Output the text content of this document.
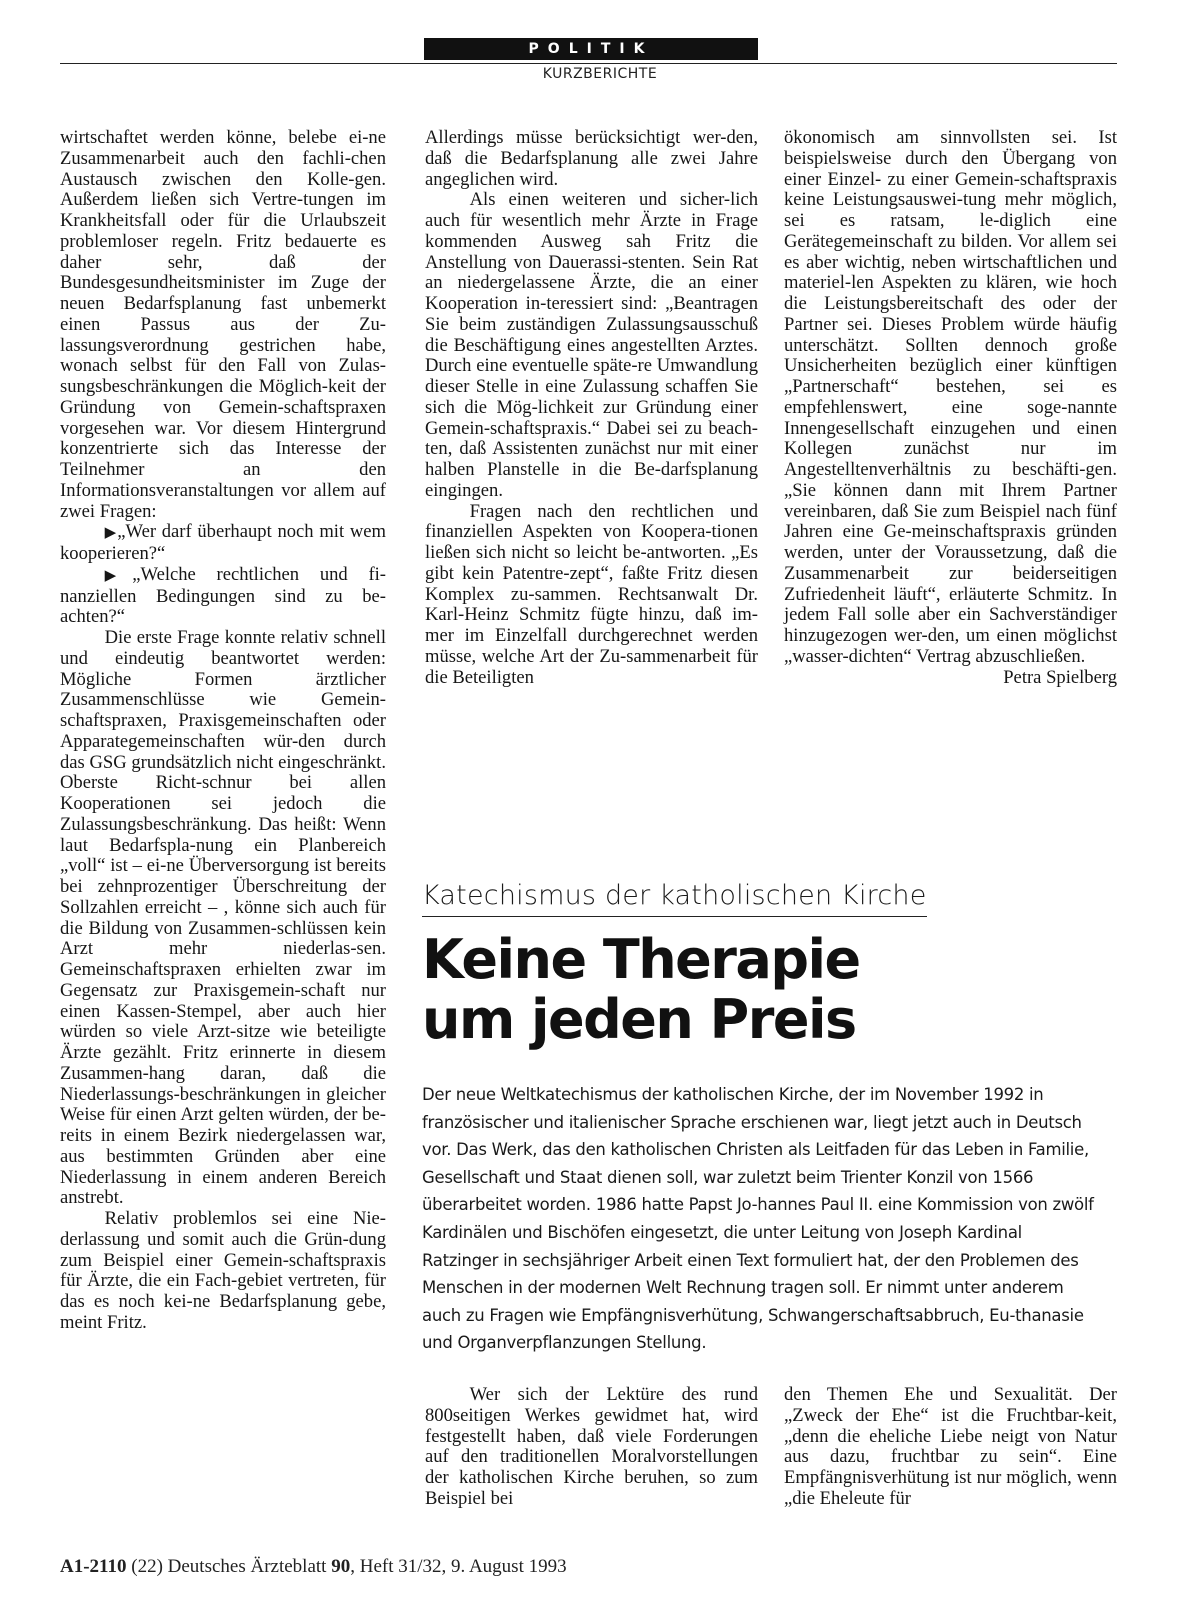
POLITIK
KURZBERICHTE

wirtschaftet werden könne, belebe ei-ne Zusammenarbeit auch den fachli-chen Austausch zwischen den Kolle-gen. Außerdem ließen sich Vertre-tungen im Krankheitsfall oder für die Urlaubszeit problemloser regeln. Fritz bedauerte es daher sehr, daß der Bundesgesundheitsminister im Zuge der neuen Bedarfsplanung fast unbemerkt einen Passus aus der Zu-lassungsverordnung gestrichen habe, wonach selbst für den Fall von Zulas-sungsbeschränkungen die Möglich-keit der Gründung von Gemein-schaftspraxen vorgesehen war. Vor diesem Hintergrund konzentrierte sich das Interesse der Teilnehmer an den Informationsveranstaltungen vor allem auf zwei Fragen:

▶„Wer darf überhaupt noch mit wem kooperieren?“

▶„Welche rechtlichen und fi-nanziellen Bedingungen sind zu be-achten?“

Die erste Frage konnte relativ schnell und eindeutig beantwortet werden: Mögliche Formen ärztlicher Zusammenschlüsse wie Gemein-schaftspraxen, Praxisgemeinschaften oder Apparategemeinschaften wür-den durch das GSG grundsätzlich nicht eingeschränkt. Oberste Richt-schnur bei allen Kooperationen sei jedoch die Zulassungsbeschränkung. Das heißt: Wenn laut Bedarfspla-nung ein Planbereich „voll“ ist – ei-ne Überversorgung ist bereits bei zehnprozentiger Überschreitung der Sollzahlen erreicht – , könne sich auch für die Bildung von Zusammen-schlüssen kein Arzt mehr niederlas-sen. Gemeinschaftspraxen erhielten zwar im Gegensatz zur Praxisgemein-schaft nur einen Kassen-Stempel, aber auch hier würden so viele Arzt-sitze wie beteiligte Ärzte gezählt. Fritz erinnerte in diesem Zusammen-hang daran, daß die Niederlassungs-beschränkungen in gleicher Weise für einen Arzt gelten würden, der be-reits in einem Bezirk niedergelassen war, aus bestimmten Gründen aber eine Niederlassung in einem anderen Bereich anstrebt.

Relativ problemlos sei eine Nie-derlassung und somit auch die Grün-dung zum Beispiel einer Gemein-schaftspraxis für Ärzte, die ein Fach-gebiet vertreten, für das es noch kei-ne Bedarfsplanung gebe, meint Fritz.

Allerdings müsse berücksichtigt wer-den, daß die Bedarfsplanung alle zwei Jahre angeglichen wird.

Als einen weiteren und sicher-lich auch für wesentlich mehr Ärzte in Frage kommenden Ausweg sah Fritz die Anstellung von Dauerassi-stenten. Sein Rat an niedergelassene Ärzte, die an einer Kooperation in-teressiert sind: „Beantragen Sie beim zuständigen Zulassungsausschuß die Beschäftigung eines angestellten Arztes. Durch eine eventuelle späte-re Umwandlung dieser Stelle in eine Zulassung schaffen Sie sich die Mög-lichkeit zur Gründung einer Gemein-schaftspraxis.“ Dabei sei zu beach-ten, daß Assistenten zunächst nur mit einer halben Planstelle in die Be-darfsplanung eingingen.

Fragen nach den rechtlichen und finanziellen Aspekten von Koopera-tionen ließen sich nicht so leicht be-antworten. „Es gibt kein Patentre-zept“, faßte Fritz diesen Komplex zu-sammen. Rechtsanwalt Dr. Karl-Heinz Schmitz fügte hinzu, daß im-mer im Einzelfall durchgerechnet werden müsse, welche Art der Zu-sammenarbeit für die Beteiligten

ökonomisch am sinnvollsten sei. Ist beispielsweise durch den Übergang von einer Einzel- zu einer Gemein-schaftspraxis keine Leistungsauswei-tung mehr möglich, sei es ratsam, le-diglich eine Gerätegemeinschaft zu bilden. Vor allem sei es aber wichtig, neben wirtschaftlichen und materiel-len Aspekten zu klären, wie hoch die Leistungsbereitschaft des oder der Partner sei. Dieses Problem würde häufig unterschätzt. Sollten dennoch große Unsicherheiten bezüglich einer künftigen „Partnerschaft“ bestehen, sei es empfehlenswert, eine soge-nannte Innengesellschaft einzugehen und einen Kollegen zunächst nur im Angestelltenverhältnis zu beschäfti-gen. „Sie können dann mit Ihrem Partner vereinbaren, daß Sie zum Beispiel nach fünf Jahren eine Ge-meinschaftspraxis gründen werden, unter der Voraussetzung, daß die Zusammenarbeit zur beiderseitigen Zufriedenheit läuft“, erläuterte Schmitz. In jedem Fall solle aber ein Sachverständiger hinzugezogen wer-den, um einen möglichst „wasser-dichten“ Vertrag abzuschließen.

Petra Spielberg

Katechismus der katholischen Kirche
Keine Therapie
um jeden Preis

Der neue Weltkatechismus der katholischen Kirche, der im November 1992 in französischer und italienischer Sprache erschienen war, liegt jetzt auch in Deutsch vor. Das Werk, das den katholischen Christen als Leitfaden für das Leben in Familie, Gesellschaft und Staat dienen soll, war zuletzt beim Trienter Konzil von 1566 überarbeitet worden. 1986 hatte Papst Jo-hannes Paul II. eine Kommission von zwölf Kardinälen und Bischöfen eingesetzt, die unter Leitung von Joseph Kardinal Ratzinger in sechsjähriger Arbeit einen Text formuliert hat, der den Problemen des Menschen in der modernen Welt Rechnung tragen soll. Er nimmt unter anderem auch zu Fragen wie Empfängnisverhütung, Schwangerschaftsabbruch, Eu-thanasie und Organverpflanzungen Stellung.

Wer sich der Lektüre des rund 800seitigen Werkes gewidmet hat, wird festgestellt haben, daß viele Forderungen auf den traditionellen Moralvorstellungen der katholischen Kirche beruhen, so zum Beispiel bei

den Themen Ehe und Sexualität. Der „Zweck der Ehe“ ist die Fruchtbar-keit, „denn die eheliche Liebe neigt von Natur aus dazu, fruchtbar zu sein“. Eine Empfängnisverhütung ist nur möglich, wenn „die Eheleute für

A1-2110 (22) Deutsches Ärzteblatt 90, Heft 31/32, 9. August 1993
